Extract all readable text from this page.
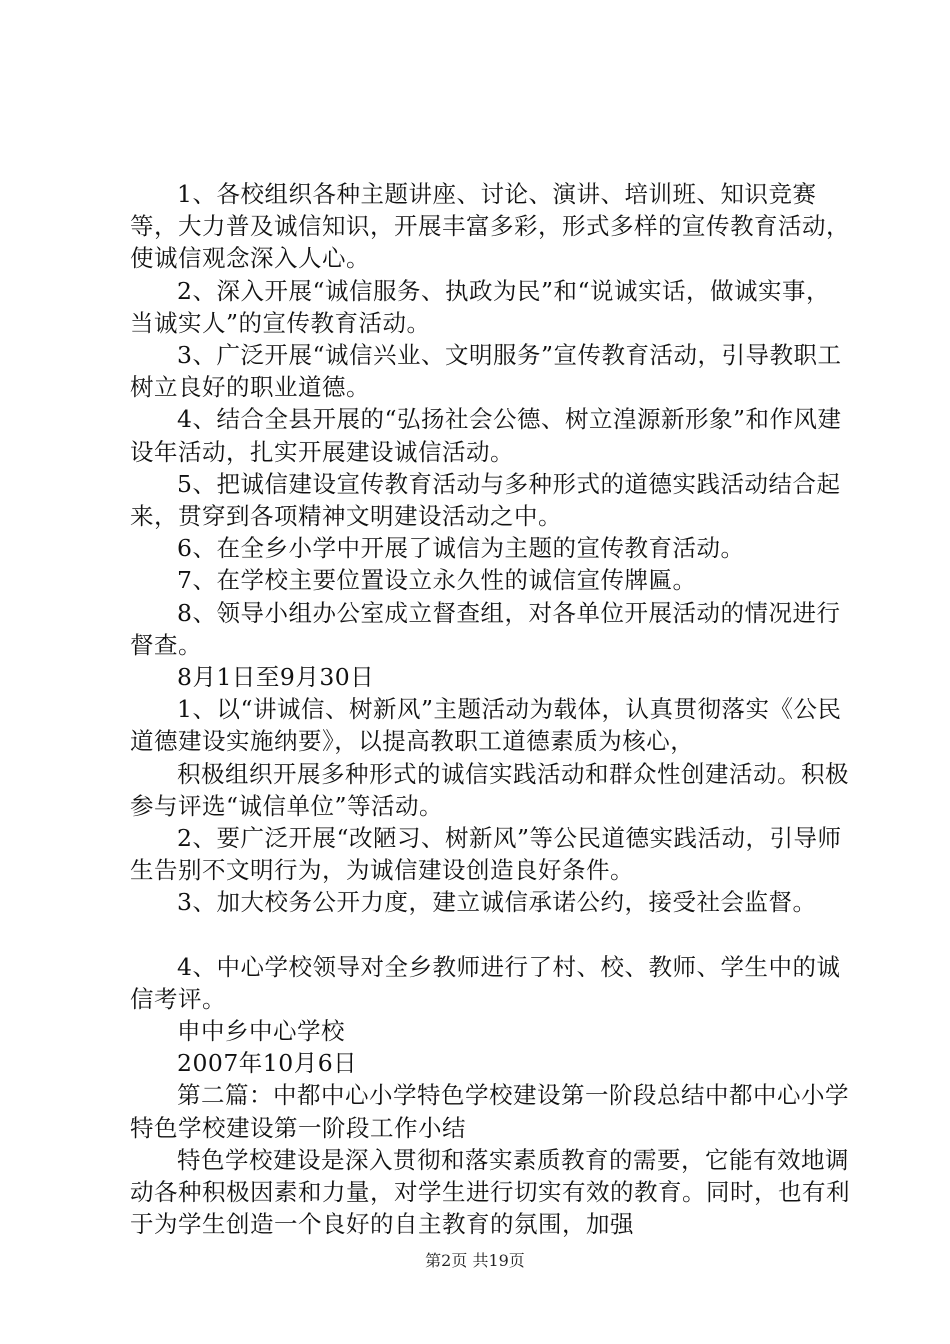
1、各校组织各种主题讲座、讨论、演讲、培训班、知识竞赛等，大力普及诚信知识，开展丰富多彩，形式多样的宣传教育活动，使诚信观念深入人心。

2、深入开展“诚信服务、执政为民”和“说诚实话，做诚实事，当诚实人”的宣传教育活动。

3、广泛开展“诚信兴业、文明服务”宣传教育活动，引导教职工树立良好的职业道德。

4、结合全县开展的“弘扬社会公德、树立湟源新形象”和作风建设年活动，扎实开展建设诚信活动。

5、把诚信建设宣传教育活动与多种形式的道德实践活动结合起来，贯穿到各项精神文明建设活动之中。

6、在全乡小学中开展了诚信为主题的宣传教育活动。

7、在学校主要位置设立永久性的诚信宣传牌匾。

8、领导小组办公室成立督查组，对各单位开展活动的情况进行督查。

8月1日至9月30日

1、以“讲诚信、树新风”主题活动为载体，认真贯彻落实《公民道德建设实施纳要》，以提高教职工道德素质为核心，

积极组织开展多种形式的诚信实践活动和群众性创建活动。积极参与评选“诚信单位”等活动。

2、要广泛开展“改陋习、树新风”等公民道德实践活动，引导师生告别不文明行为，为诚信建设创造良好条件。

3、加大校务公开力度，建立诚信承诺公约，接受社会监督。

4、中心学校领导对全乡教师进行了村、校、教师、学生中的诚信考评。

申中乡中心学校

2007年10月6日

第二篇：中都中心小学特色学校建设第一阶段总结中都中心小学特色学校建设第一阶段工作小结

特色学校建设是深入贯彻和落实素质教育的需要，它能有效地调动各种积极因素和力量，对学生进行切实有效的教育。同时，也有利于为学生创造一个良好的自主教育的氛围，加强

第2页 共19页
